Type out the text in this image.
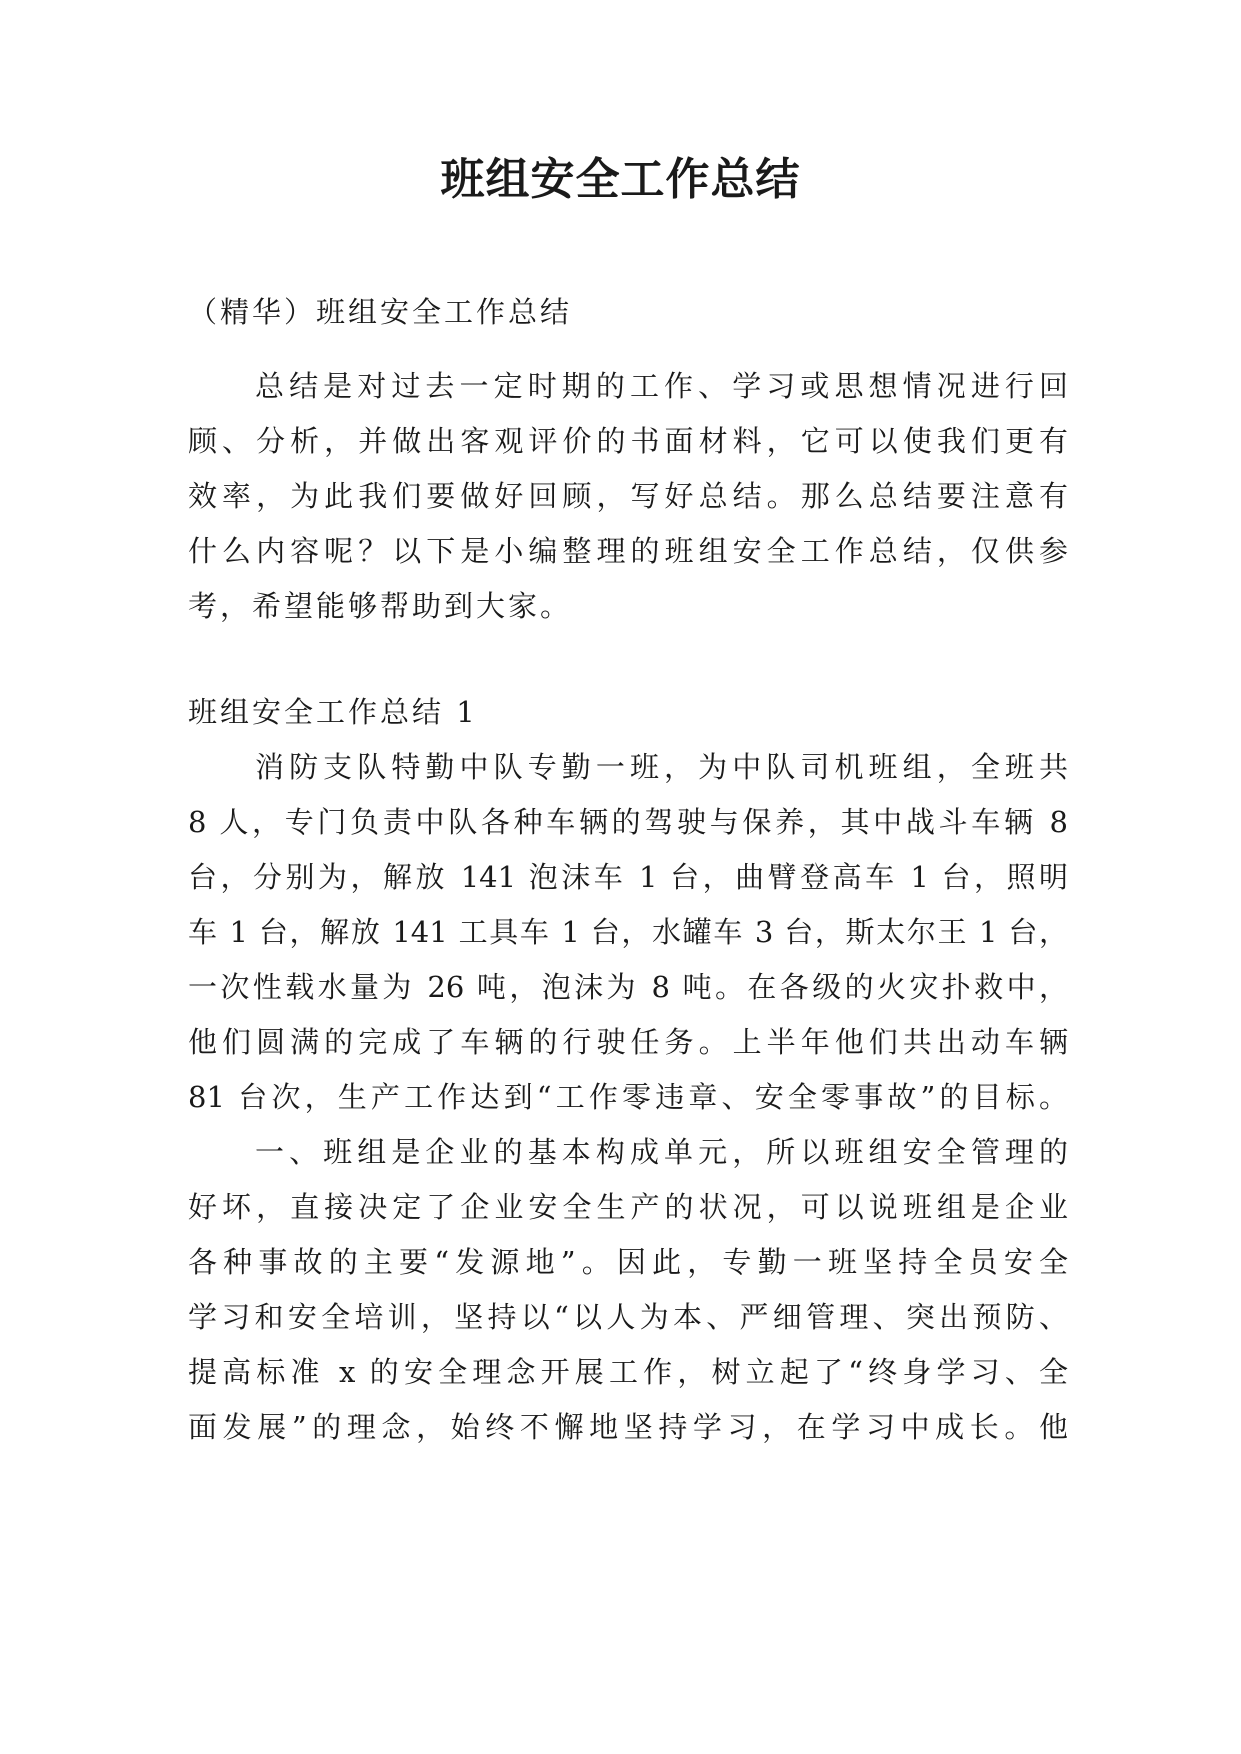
班组安全工作总结

（精华）班组安全工作总结

总结是对过去一定时期的工作、学习或思想情况进行回

顾、分析，并做出客观评价的书面材料，它可以使我们更有

效率，为此我们要做好回顾，写好总结。那么总结要注意有

什么内容呢？以下是小编整理的班组安全工作总结，仅供参

考，希望能够帮助到大家。

班组安全工作总结 1

消防支队特勤中队专勤一班，为中队司机班组，全班共

8 人，专门负责中队各种车辆的驾驶与保养，其中战斗车辆 8

台，分别为，解放 141 泡沫车 1 台，曲臂登高车 1 台，照明

车 1 台，解放 141 工具车 1 台，水罐车 3 台，斯太尔王 1 台，

一次性载水量为 26 吨，泡沫为 8 吨。在各级的火灾扑救中，

他们圆满的完成了车辆的行驶任务。上半年他们共出动车辆

81 台次，生产工作达到“工作零违章、安全零事故”的目标。

一、班组是企业的基本构成单元，所以班组安全管理的

好坏，直接决定了企业安全生产的状况，可以说班组是企业

各种事故的主要“发源地”。因此，专勤一班坚持全员安全

学习和安全培训，坚持以“以人为本、严细管理、突出预防、

提高标准 x 的安全理念开展工作，树立起了“终身学习、全

面发展”的理念，始终不懈地坚持学习，在学习中成长。他
